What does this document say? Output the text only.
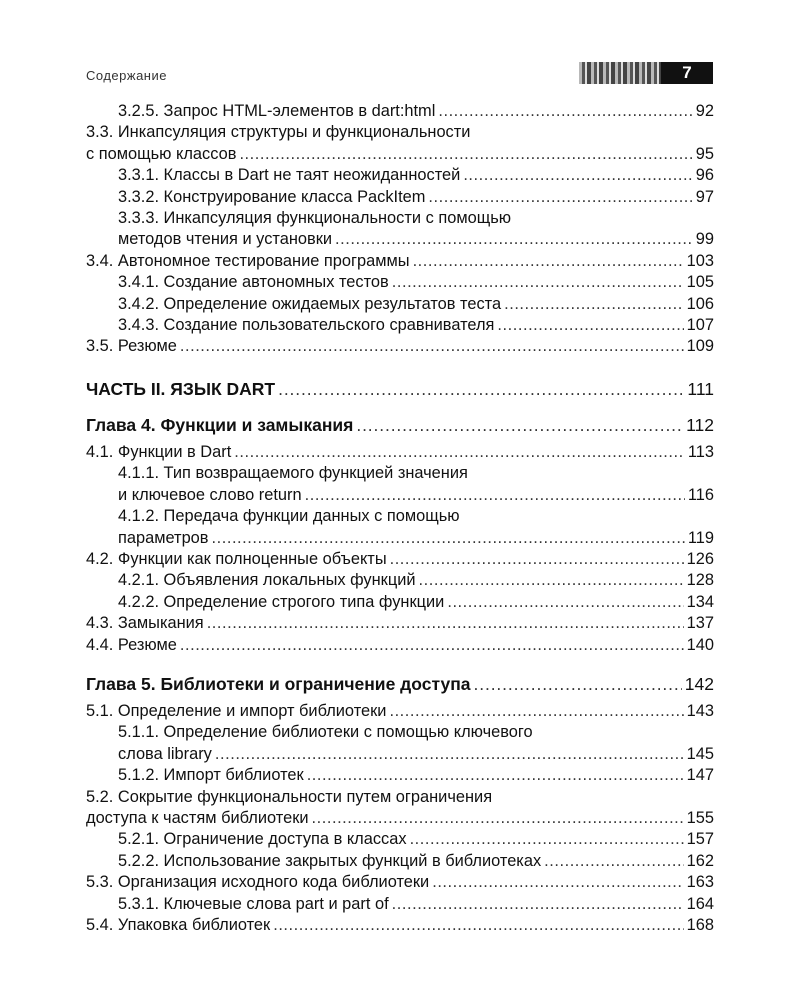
Содержание	7
3.2.5. Запрос HTML-элементов в dart:html . . .	92
3.3. Инкапсуляция структуры и функциональности
с помощью классов . . .	95
3.3.1. Классы в Dart не таят неожиданностей . . .	96
3.3.2. Конструирование класса PackItem . . .	97
3.3.3. Инкапсуляция функциональности с помощью
методов чтения и установки . . .	99
3.4. Автономное тестирование программы . . .	103
3.4.1. Создание автономных тестов . . .	105
3.4.2. Определение ожидаемых результатов теста . . .	106
3.4.3. Создание пользовательского сравнивателя . . .	107
3.5. Резюме . . .	109
ЧАСТЬ II. ЯЗЫК DART . . .	111
Глава 4. Функции и замыкания . . .	112
4.1. Функции в Dart . . .	113
4.1.1. Тип возвращаемого функцией значения
и ключевое слово return . . .	116
4.1.2. Передача функции данных с помощью
параметров . . .	119
4.2. Функции как полноценные объекты . . .	126
4.2.1. Объявления локальных функций . . .	128
4.2.2. Определение строгого типа функции . . .	134
4.3. Замыкания . . .	137
4.4. Резюме . . .	140
Глава 5. Библиотеки и ограничение доступа . . .	142
5.1. Определение и импорт библиотеки . . .	143
5.1.1. Определение библиотеки с помощью ключевого
слова library . . .	145
5.1.2. Импорт библиотек . . .	147
5.2. Сокрытие функциональности путем ограничения
доступа к частям библиотеки . . .	155
5.2.1. Ограничение доступа в классах . . .	157
5.2.2. Использование закрытых функций в библиотеках . . .	162
5.3. Организация исходного кода библиотеки . . .	163
5.3.1. Ключевые слова part и part of . . .	164
5.4. Упаковка библиотек . . .	168
